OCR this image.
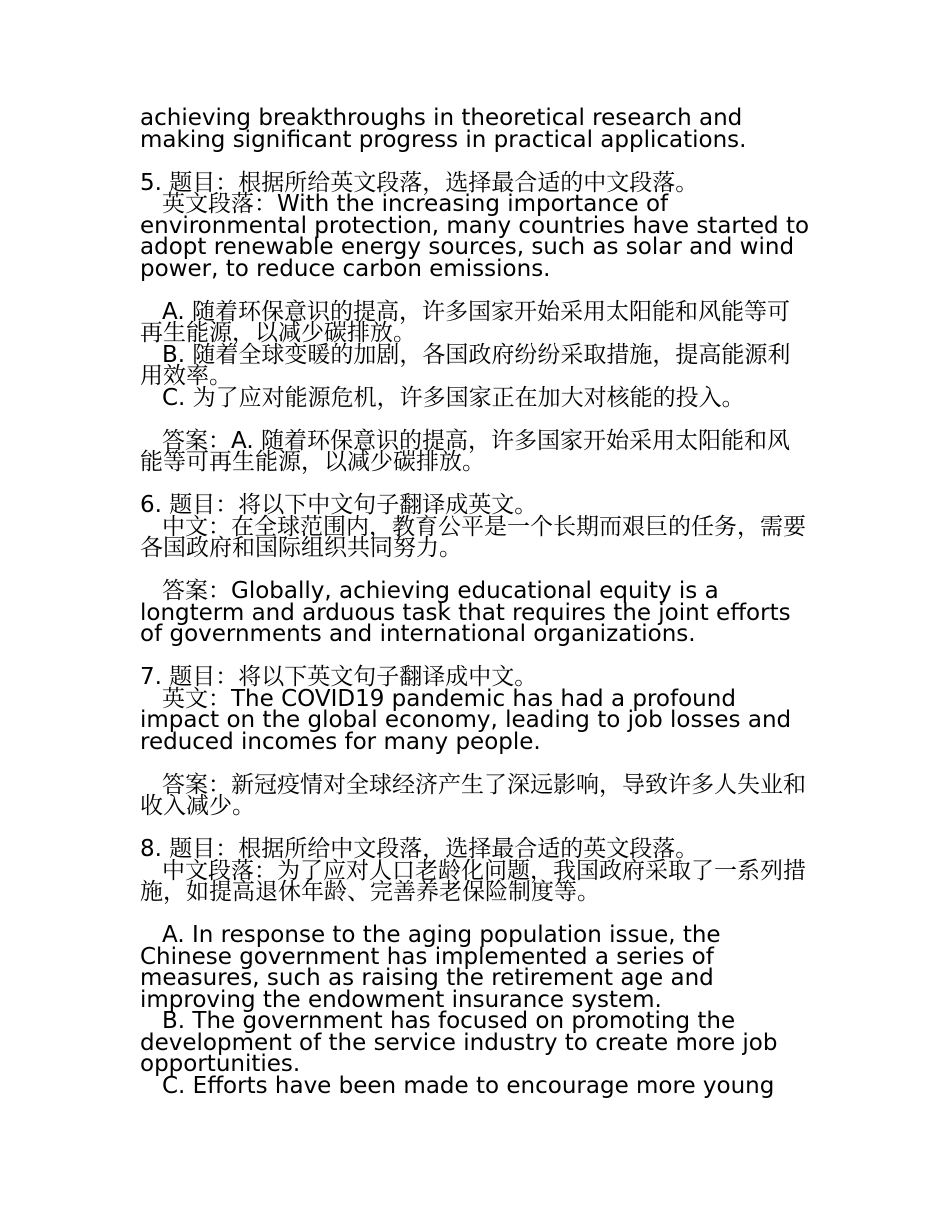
achieving breakthroughs in theoretical research and making significant progress in practical applications.

5. 题目：根据所给英文段落，选择最合适的中文段落。

英文段落：With the increasing importance of environmental protection, many countries have started to adopt renewable energy sources, such as solar and wind power, to reduce carbon emissions.

A. 随着环保意识的提高，许多国家开始采用太阳能和风能等可再生能源，以减少碳排放。

B. 随着全球变暖的加剧，各国政府纷纷采取措施，提高能源利用效率。

C. 为了应对能源危机，许多国家正在加大对核能的投入。

答案：A. 随着环保意识的提高，许多国家开始采用太阳能和风能等可再生能源，以减少碳排放。

6. 题目：将以下中文句子翻译成英文。

中文：在全球范围内，教育公平是一个长期而艰巨的任务，需要各国政府和国际组织共同努力。

答案：Globally, achieving educational equity is a longterm and arduous task that requires the joint efforts of governments and international organizations.

7. 题目：将以下英文句子翻译成中文。

英文：The COVID19 pandemic has had a profound impact on the global economy, leading to job losses and reduced incomes for many people.

答案：新冠疫情对全球经济产生了深远影响，导致许多人失业和收入减少。

8. 题目：根据所给中文段落，选择最合适的英文段落。

中文段落：为了应对人口老龄化问题，我国政府采取了一系列措施，如提高退休年龄、完善养老保险制度等。

A. In response to the aging population issue, the Chinese government has implemented a series of measures, such as raising the retirement age and improving the endowment insurance system.

B. The government has focused on promoting the development of the service industry to create more job opportunities.

C. Efforts have been made to encourage more young
